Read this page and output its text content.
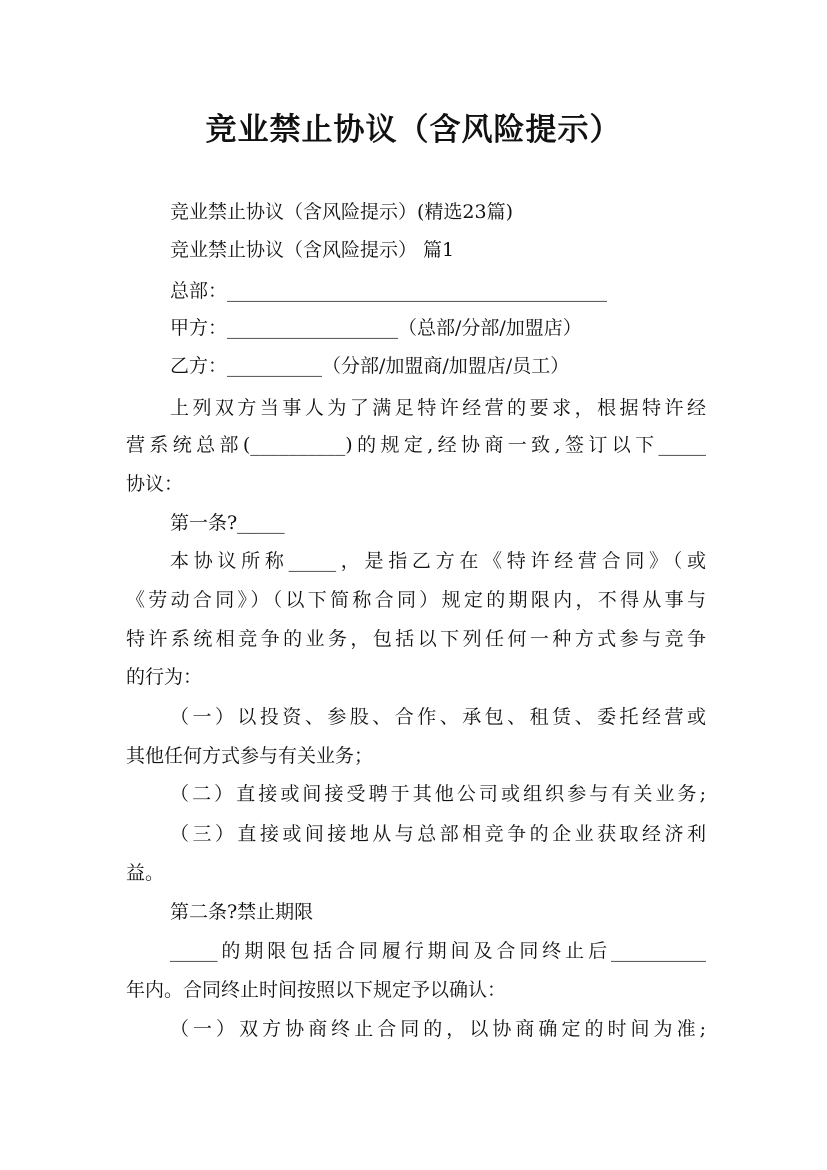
竞业禁止协议（含风险提示）

竞业禁止协议（含风险提示）(精选23篇)

竞业禁止协议（含风险提示） 篇1

总部：________________________________________

甲方：__________________（总部/分部/加盟店）

乙方：__________（分部/加盟商/加盟店/员工）

上列双方当事人为了满足特许经营的要求，根据特许经

营系统总部(__________)的规定,经协商一致,签订以下_____

协议：

第一条?_____

本协议所称_____，是指乙方在《特许经营合同》（或

《劳动合同》）（以下简称合同）规定的期限内，不得从事与

特许系统相竞争的业务，包括以下列任何一种方式参与竞争

的行为：

（一）以投资、参股、合作、承包、租赁、委托经营或

其他任何方式参与有关业务；

（二）直接或间接受聘于其他公司或组织参与有关业务;

（三）直接或间接地从与总部相竞争的企业获取经济利

益。

第二条?禁止期限

_____的期限包括合同履行期间及合同终止后__________

年内。合同终止时间按照以下规定予以确认：

（一）双方协商终止合同的，以协商确定的时间为准;
